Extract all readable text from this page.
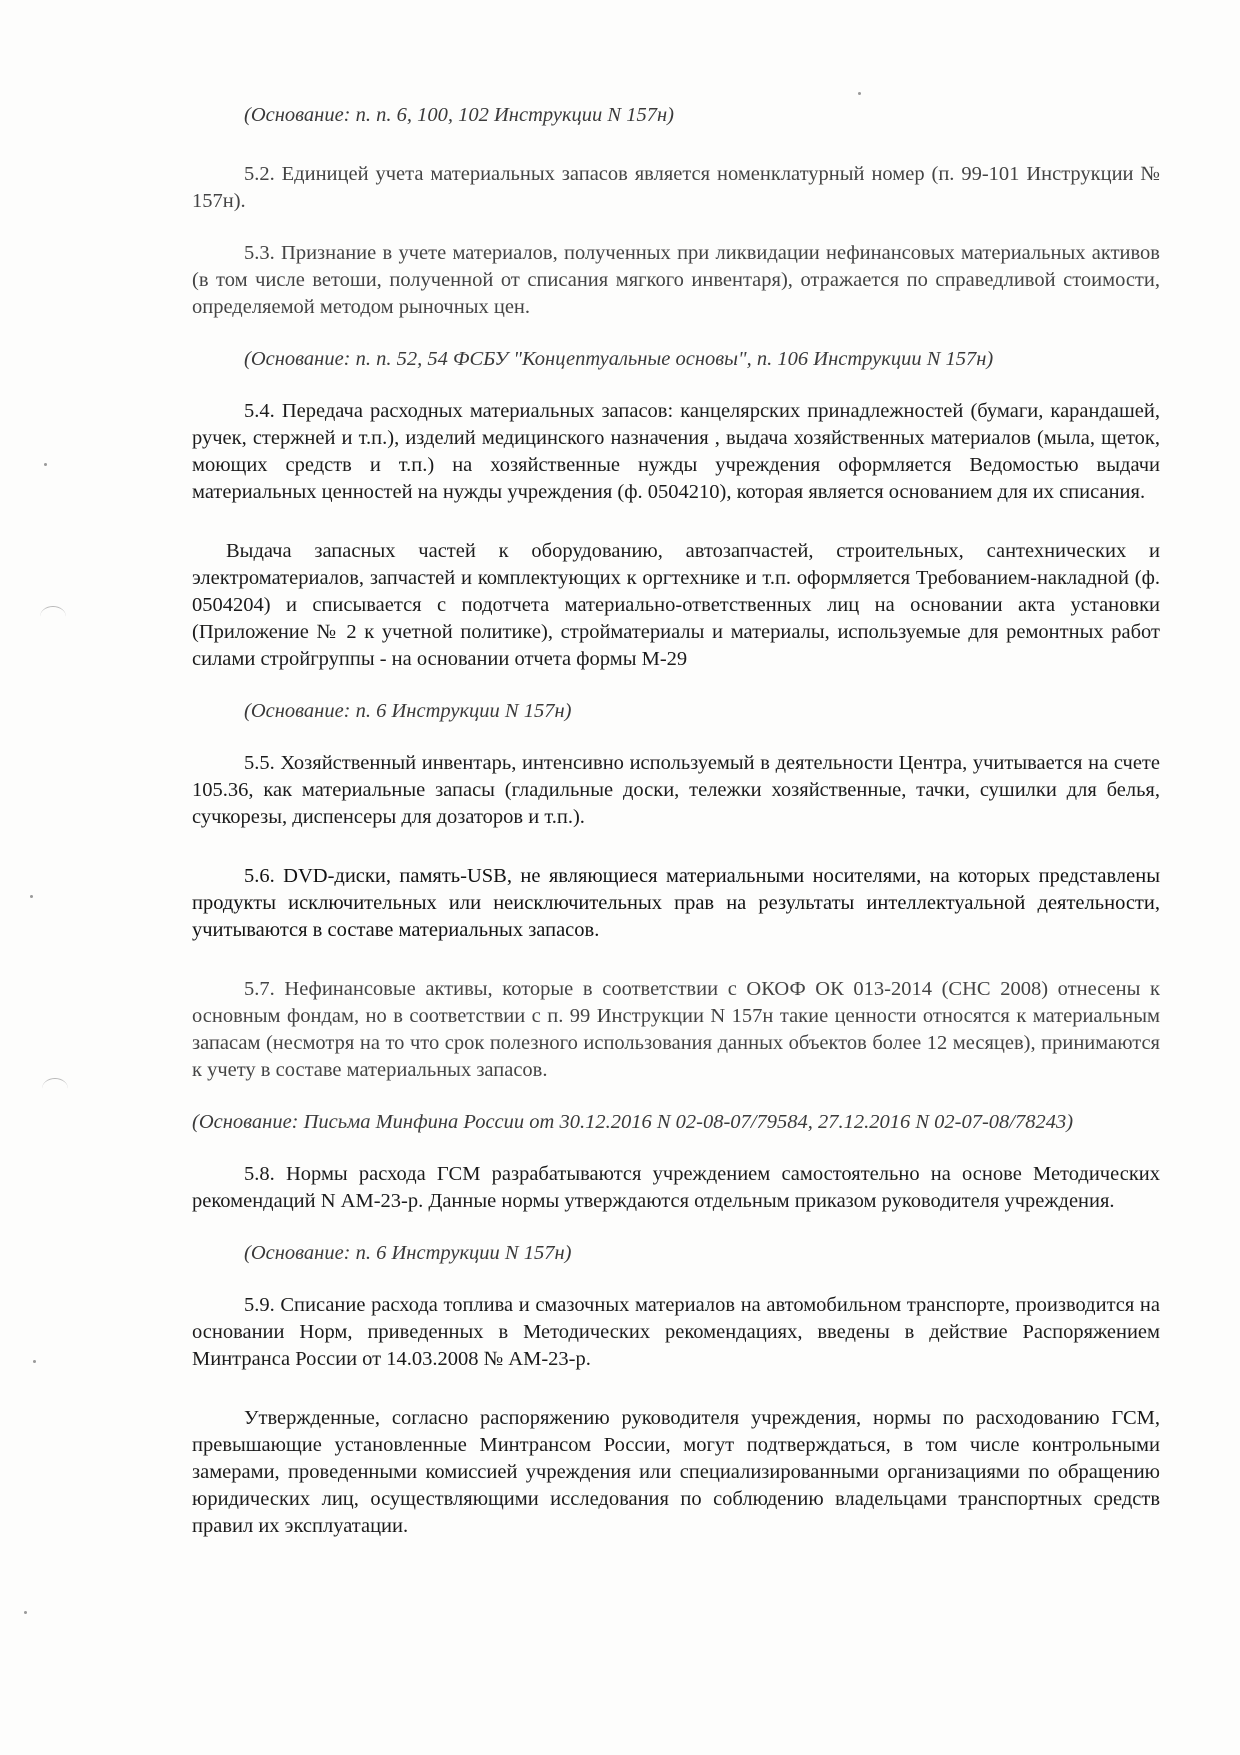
(Основание: п. п. 6, 100, 102 Инструкции N 157н)

5.2. Единицей учета материальных запасов является номенклатурный номер (п. 99-101 Инструкции № 157н).

5.3. Признание в учете материалов, полученных при ликвидации нефинансовых материальных активов (в том числе ветоши, полученной от списания мягкого инвентаря), отражается по справедливой стоимости, определяемой методом рыночных цен.

(Основание: п. п. 52, 54 ФСБУ "Концептуальные основы", п. 106 Инструкции N 157н)

5.4. Передача расходных материальных запасов: канцелярских принадлежностей (бумаги, карандашей, ручек, стержней и т.п.), изделий медицинского назначения , выдача хозяйственных материалов (мыла, щеток, моющих средств и т.п.) на хозяйственные нужды учреждения оформляется Ведомостью выдачи материальных ценностей на нужды учреждения (ф. 0504210), которая является основанием для их списания.

Выдача запасных частей к оборудованию, автозапчастей, строительных, сантехнических и электроматериалов, запчастей и комплектующих к оргтехнике и т.п. оформляется Требованием-накладной (ф. 0504204) и списывается с подотчета материально-ответственных лиц на основании акта установки (Приложение № 2 к учетной политике), стройматериалы и материалы, используемые для ремонтных работ силами стройгруппы - на основании отчета формы М-29

(Основание: п. 6 Инструкции N 157н)

5.5. Хозяйственный инвентарь, интенсивно используемый в деятельности Центра, учитывается на счете 105.36, как материальные запасы (гладильные доски, тележки хозяйственные, тачки, сушилки для белья, сучкорезы, диспенсеры для дозаторов и т.п.).

5.6. DVD-диски, память-USB, не являющиеся материальными носителями, на которых представлены продукты исключительных или неисключительных прав на результаты интеллектуальной деятельности, учитываются в составе материальных запасов.

5.7. Нефинансовые активы, которые в соответствии с ОКОФ ОК 013-2014 (СНС 2008) отнесены к основным фондам, но в соответствии с п. 99 Инструкции N 157н такие ценности относятся к материальным запасам (несмотря на то что срок полезного использования данных объектов более 12 месяцев), принимаются к учету в составе материальных запасов.

(Основание: Письма Минфина России от 30.12.2016 N 02-08-07/79584, 27.12.2016 N 02-07-08/78243)

5.8. Нормы расхода ГСМ разрабатываются учреждением самостоятельно на основе Методических рекомендаций N АМ-23-р. Данные нормы утверждаются отдельным приказом руководителя учреждения.

(Основание: п. 6 Инструкции N 157н)

5.9. Списание расхода топлива и смазочных материалов на автомобильном транспорте, производится на основании Норм, приведенных в Методических рекомендациях, введены в действие Распоряжением Минтранса России от 14.03.2008 № АМ-23-р.

Утвержденные, согласно распоряжению руководителя учреждения, нормы по расходованию ГСМ, превышающие установленные Минтрансом России, могут подтверждаться, в том числе контрольными замерами, проведенными комиссией учреждения или специализированными организациями по обращению юридических лиц, осуществляющими исследования по соблюдению владельцами транспортных средств правил их эксплуатации.
